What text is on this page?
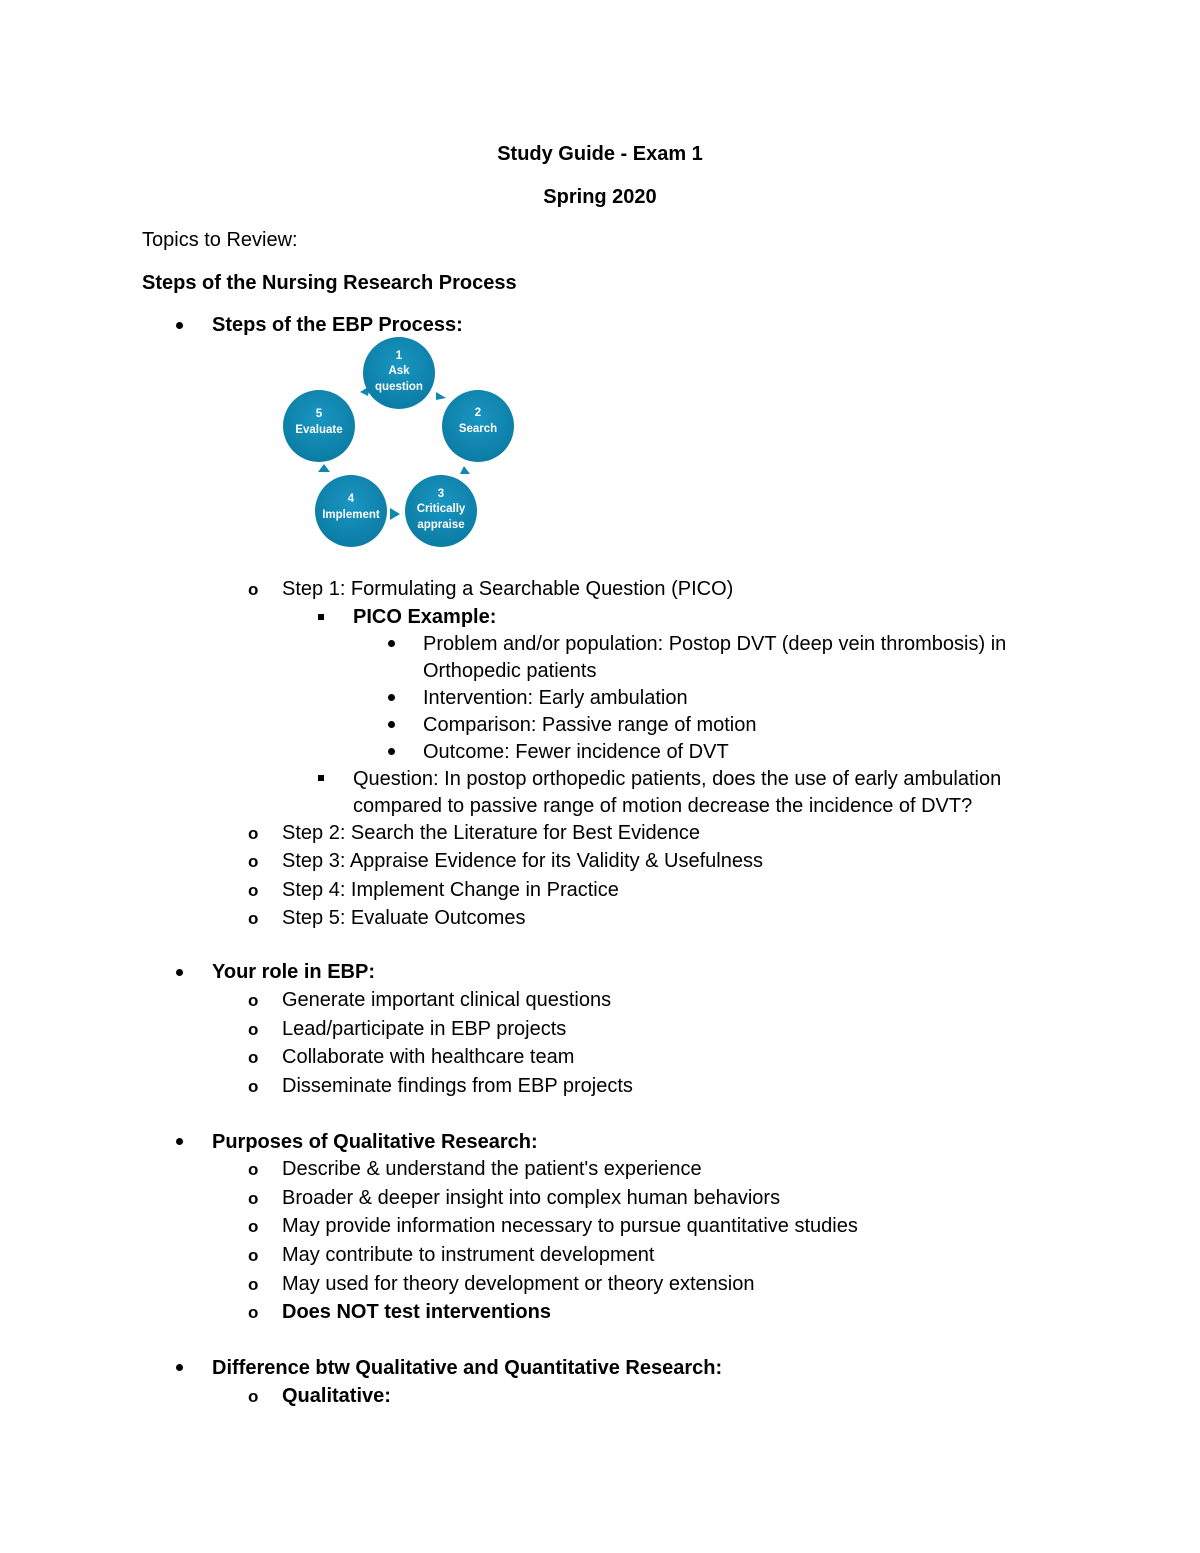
Study Guide - Exam 1
Spring 2020
Topics to Review:
Steps of the Nursing Research Process
Steps of the EBP Process:
1
Ask
question
2
Search
3
Critically
appraise
4
Implement
5
Evaluate
o Step 1: Formulating a Searchable Question (PICO)
PICO Example:
Problem and/or population: Postop DVT (deep vein thrombosis) in
Orthopedic patients
Intervention: Early ambulation
Comparison: Passive range of motion
Outcome: Fewer incidence of DVT
Question: In postop orthopedic patients, does the use of early ambulation
compared to passive range of motion decrease the incidence of DVT?
o Step 2: Search the Literature for Best Evidence
o Step 3: Appraise Evidence for its Validity & Usefulness
o Step 4: Implement Change in Practice
o Step 5: Evaluate Outcomes
Your role in EBP:
o Generate important clinical questions
o Lead/participate in EBP projects
o Collaborate with healthcare team
o Disseminate findings from EBP projects
Purposes of Qualitative Research:
o Describe & understand the patient's experience
o Broader & deeper insight into complex human behaviors
o May provide information necessary to pursue quantitative studies
o May contribute to instrument development
o May used for theory development or theory extension
o Does NOT test interventions
Difference btw Qualitative and Quantitative Research:
o Qualitative:
